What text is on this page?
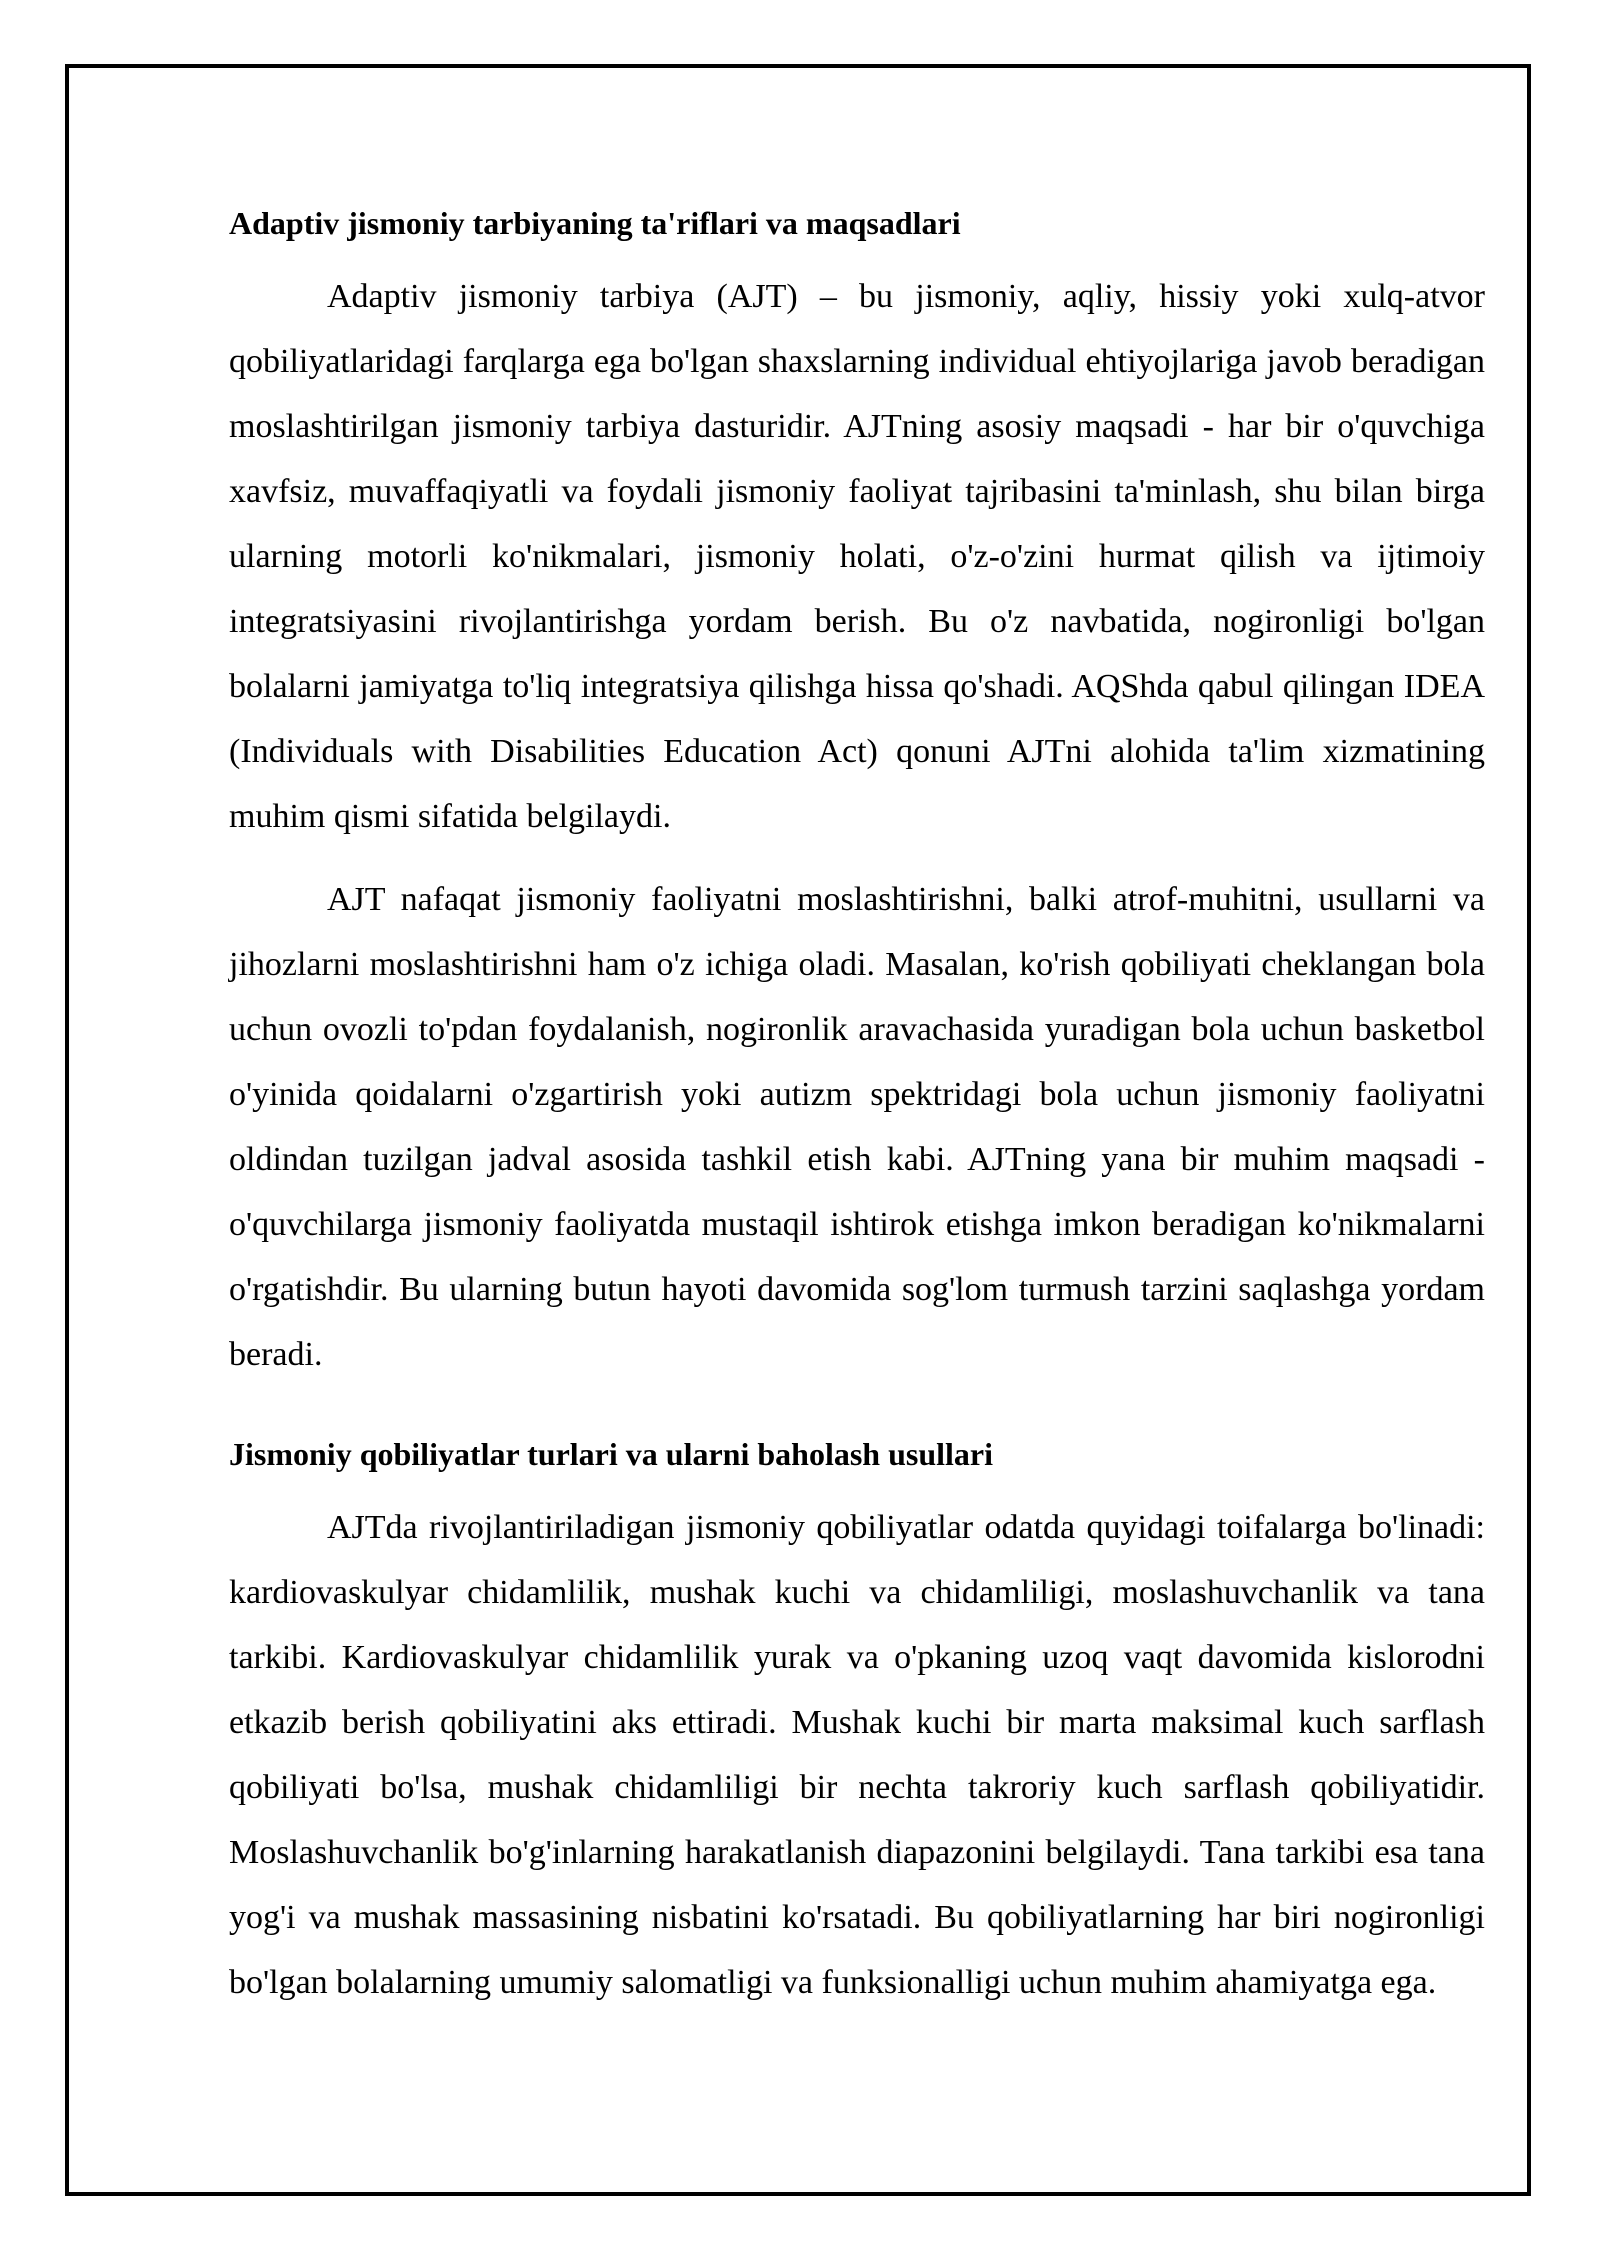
Adaptiv jismoniy tarbiyaning ta'riflari va maqsadlari

Adaptiv jismoniy tarbiya (AJT) – bu jismoniy, aqliy, hissiy yoki xulq-atvor qobiliyatlaridagi farqlarga ega bo'lgan shaxslarning individual ehtiyojlariga javob beradigan moslashtirilgan jismoniy tarbiya dasturidir. AJTning asosiy maqsadi - har bir o'quvchiga xavfsiz, muvaffaqiyatli va foydali jismoniy faoliyat tajribasini ta'minlash, shu bilan birga ularning motorli ko'nikmalari, jismoniy holati, o'z-o'zini hurmat qilish va ijtimoiy integratsiyasini rivojlantirishga yordam berish. Bu o'z navbatida, nogironligi bo'lgan bolalarni jamiyatga to'liq integratsiya qilishga hissa qo'shadi. AQShda qabul qilingan IDEA (Individuals with Disabilities Education Act) qonuni AJTni alohida ta'lim xizmatining muhim qismi sifatida belgilaydi.

AJT nafaqat jismoniy faoliyatni moslashtirishni, balki atrof-muhitni, usullarni va jihozlarni moslashtirishni ham o'z ichiga oladi. Masalan, ko'rish qobiliyati cheklangan bola uchun ovozli to'pdan foydalanish, nogironlik aravachasida yuradigan bola uchun basketbol o'yinida qoidalarni o'zgartirish yoki autizm spektridagi bola uchun jismoniy faoliyatni oldindan tuzilgan jadval asosida tashkil etish kabi. AJTning yana bir muhim maqsadi - o'quvchilarga jismoniy faoliyatda mustaqil ishtirok etishga imkon beradigan ko'nikmalarni o'rgatishdir. Bu ularning butun hayoti davomida sog'lom turmush tarzini saqlashga yordam beradi.

Jismoniy qobiliyatlar turlari va ularni baholash usullari

AJTda rivojlantiriladigan jismoniy qobiliyatlar odatda quyidagi toifalarga bo'linadi: kardiovaskulyar chidamlilik, mushak kuchi va chidamliligi, moslashuvchanlik va tana tarkibi. Kardiovaskulyar chidamlilik yurak va o'pkaning uzoq vaqt davomida kislorodni etkazib berish qobiliyatini aks ettiradi. Mushak kuchi bir marta maksimal kuch sarflash qobiliyati bo'lsa, mushak chidamliligi bir nechta takroriy kuch sarflash qobiliyatidir. Moslashuvchanlik bo'g'inlarning harakatlanish diapazonini belgilaydi. Tana tarkibi esa tana yog'i va mushak massasining nisbatini ko'rsatadi. Bu qobiliyatlarning har biri nogironligi bo'lgan bolalarning umumiy salomatligi va funksionalligi uchun muhim ahamiyatga ega.
